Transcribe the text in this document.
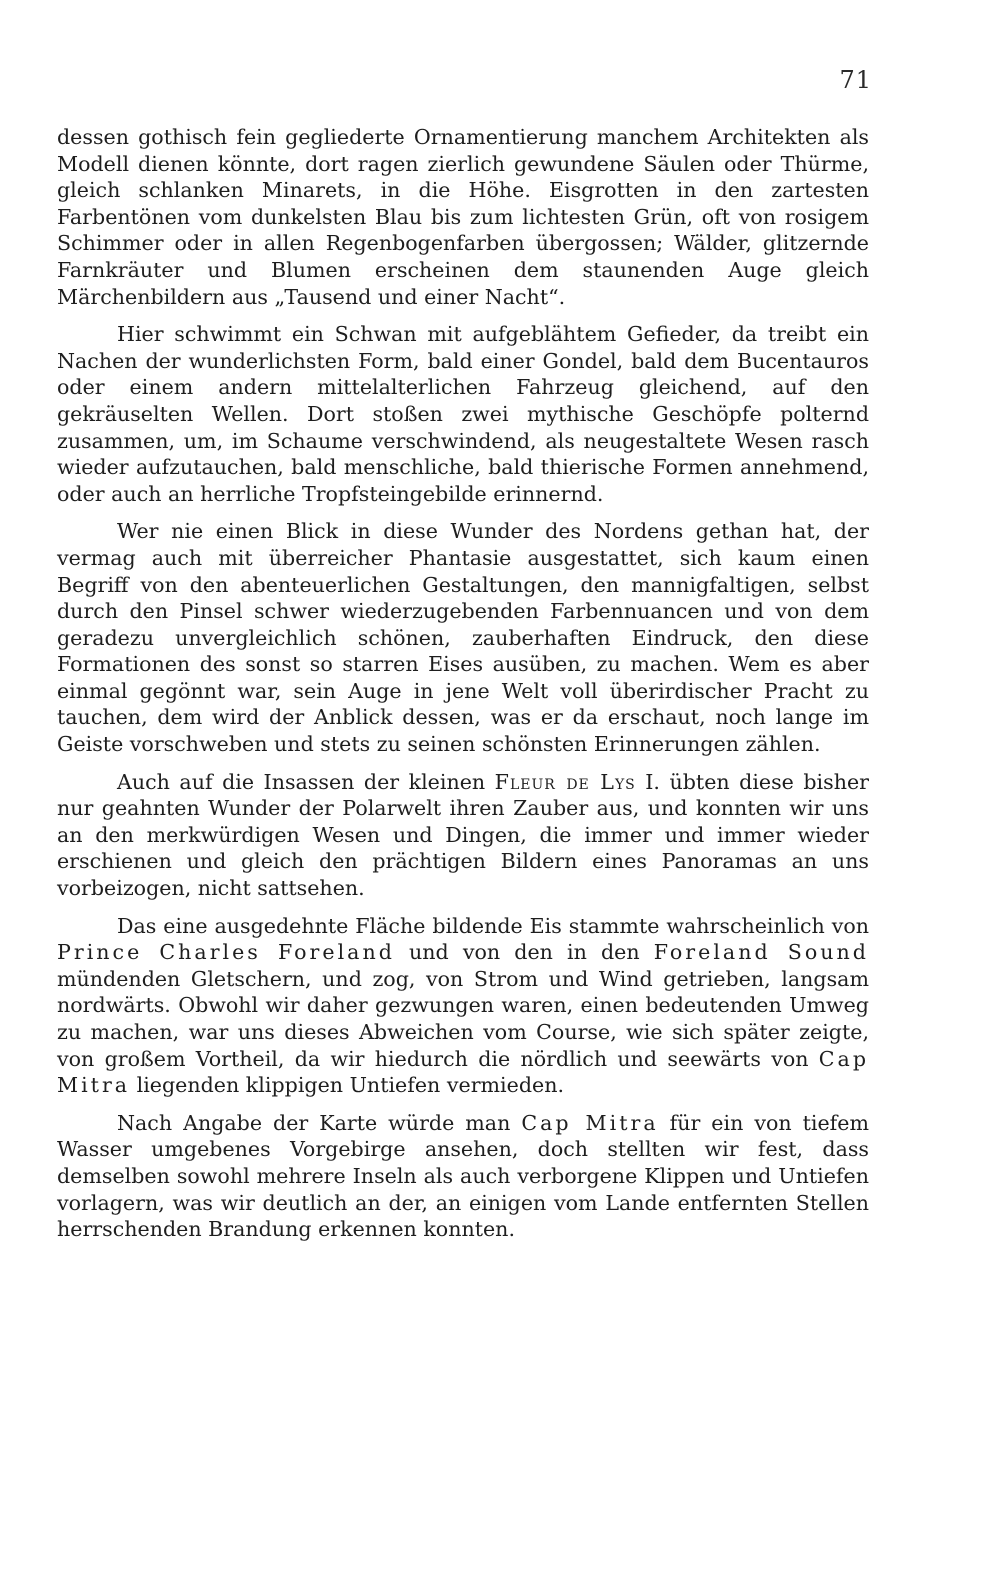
71

dessen gothisch fein gegliederte Ornamentierung manchem Architekten als Modell dienen könnte, dort ragen zierlich gewundene Säulen oder Thürme, gleich schlanken Minarets, in die Höhe. Eisgrotten in den zartesten Farbentönen vom dunkelsten Blau bis zum lichtesten Grün, oft von rosigem Schimmer oder in allen Regenbogenfarben übergossen; Wälder, glitzernde Farnkräuter und Blumen erscheinen dem staunenden Auge gleich Märchenbildern aus „Tausend und einer Nacht“.

Hier schwimmt ein Schwan mit aufgeblähtem Gefieder, da treibt ein Nachen der wunderlichsten Form, bald einer Gondel, bald dem Bucentauros oder einem andern mittelalterlichen Fahrzeug gleichend, auf den gekräuselten Wellen. Dort stoßen zwei mythische Geschöpfe polternd zusammen, um, im Schaume verschwindend, als neugestaltete Wesen rasch wieder aufzutauchen, bald menschliche, bald thierische Formen annehmend, oder auch an herrliche Tropfsteingebilde erinnernd.

Wer nie einen Blick in diese Wunder des Nordens gethan hat, der vermag auch mit überreicher Phantasie ausgestattet, sich kaum einen Begriff von den abenteuerlichen Gestaltungen, den mannigfaltigen, selbst durch den Pinsel schwer wiederzugebenden Farbennuancen und von dem geradezu unvergleichlich schönen, zauberhaften Eindruck, den diese Formationen des sonst so starren Eises ausüben, zu machen. Wem es aber einmal gegönnt war, sein Auge in jene Welt voll überirdischer Pracht zu tauchen, dem wird der Anblick dessen, was er da erschaut, noch lange im Geiste vorschweben und stets zu seinen schönsten Erinnerungen zählen.

Auch auf die Insassen der kleinen Fleur de Lys I. übten diese bisher nur geahnten Wunder der Polarwelt ihren Zauber aus, und konnten wir uns an den merkwürdigen Wesen und Dingen, die immer und immer wieder erschienen und gleich den prächtigen Bildern eines Panoramas an uns vorbeizogen, nicht sattsehen.

Das eine ausgedehnte Fläche bildende Eis stammte wahrscheinlich von Prince Charles Foreland und von den in den Foreland Sound mündenden Gletschern, und zog, von Strom und Wind getrieben, langsam nordwärts. Obwohl wir daher gezwungen waren, einen bedeutenden Umweg zu machen, war uns dieses Abweichen vom Course, wie sich später zeigte, von großem Vortheil, da wir hiedurch die nördlich und seewärts von Cap Mitra liegenden klippigen Untiefen vermieden.

Nach Angabe der Karte würde man Cap Mitra für ein von tiefem Wasser umgebenes Vorgebirge ansehen, doch stellten wir fest, dass demselben sowohl mehrere Inseln als auch verborgene Klippen und Untiefen vorlagern, was wir deutlich an der, an einigen vom Lande entfernten Stellen herrschenden Brandung erkennen konnten.
